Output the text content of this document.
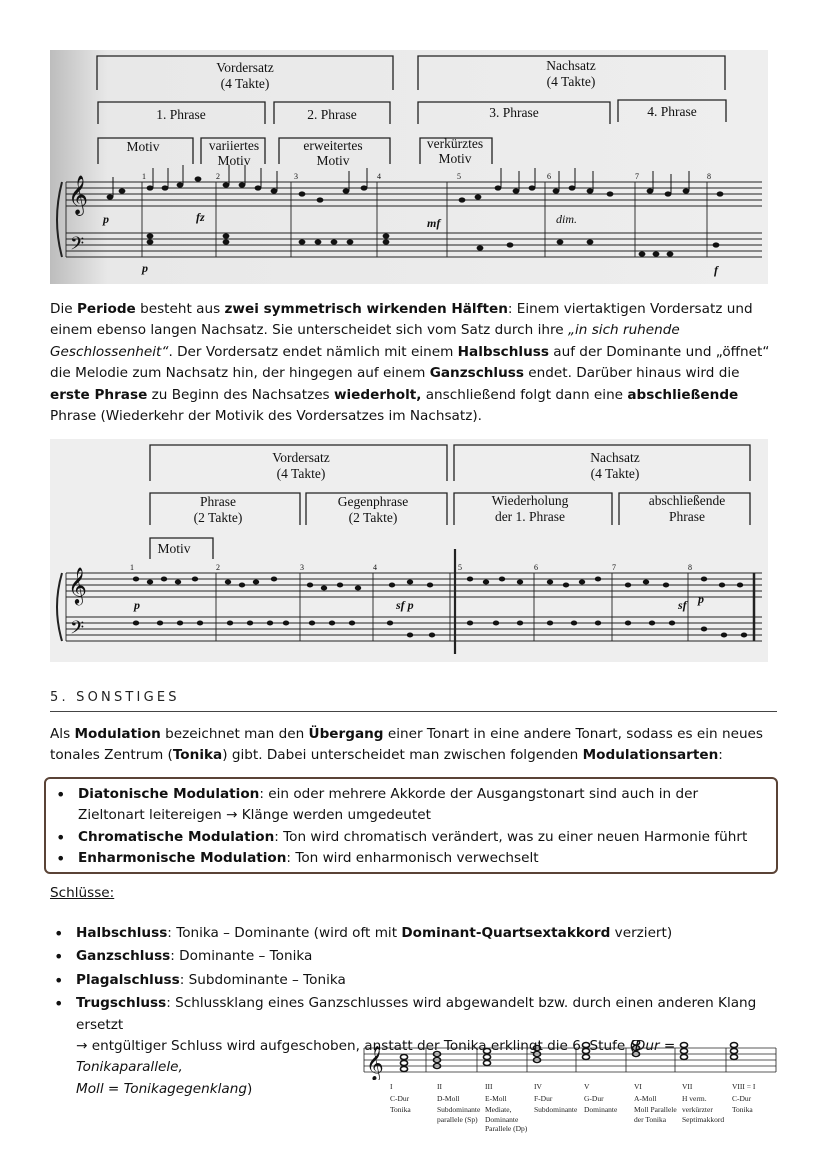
Vordersatz
(4 Takte)
Nachsatz
(4 Takte)
1. Phrase	2. Phrase	3. Phrase	4. Phrase
Motiv	variiertes
Motiv
erweitertes
Motiv
verkürztes
Motiv
𝄞
𝄢
1	2	3	4	5	6	7	8
p	fz	mf	dim.
p	f
Die Periode besteht aus zwei symmetrisch wirkenden Hälften: Einem viertaktigen Vordersatz und einem ebenso langen Nachsatz. Sie unterscheidet sich vom Satz durch ihre „in sich ruhende Geschlossenheit“. Der Vordersatz endet nämlich mit einem Halbschluss auf der Dominante und „öffnet“ die Melodie zum Nachsatz hin, der hingegen auf einem Ganzschluss endet. Darüber hinaus wird die erste Phrase zu Beginn des Nachsatzes wiederholt, anschließend folgt dann eine abschließende Phrase (Wiederkehr der Motivik des Vordersatzes im Nachsatz).
Vordersatz
(4 Takte)
Nachsatz
(4 Takte)
Phrase
(2 Takte)
Gegenphrase
(2 Takte)
Wiederholung
der 1. Phrase
abschließende
Phrase
Motiv
𝄞
𝄢
1	2	3	4	5	6	7	8
p	sf p	sf p
5. SONSTIGES
Als Modulation bezeichnet man den Übergang einer Tonart in eine andere Tonart, sodass es ein neues tonales Zentrum (Tonika) gibt. Dabei unterscheidet man zwischen folgenden Modulationsarten:
• Diatonische Modulation: ein oder mehrere Akkorde der Ausgangstonart sind auch in der Zieltonart leitereigen → Klänge werden umgedeutet
• Chromatische Modulation: Ton wird chromatisch verändert, was zu einer neuen Harmonie führt
• Enharmonische Modulation: Ton wird enharmonisch verwechselt
Schlüsse:
• Halbschluss: Tonika – Dominante (wird oft mit Dominant-Quartsextakkord verziert)
• Ganzschluss: Dominante – Tonika
• Plagalschluss: Subdominante – Tonika
• Trugschluss: Schlussklang eines Ganzschlusses wird abgewandelt bzw. durch einen anderen Klang ersetzt
→ entgültiger Schluss wird aufgeschoben, anstatt der Tonika erklingt die 6. Stufe (Dur = Tonikaparallele,
Moll = Tonikagegenklang)
𝄞
I
C-Dur
Tonika
II
D-Moll
Subdominante parallele (Sp)
III
E-Moll
Mediate, Dominante Parallele (Dp)
IV
F-Dur
Subdominante
V
G-Dur
Dominante
VI
A-Moll
Moll Parallele der Tonika
VII
H verm.
verkürzter Septimakkord
VIII = I
C-Dur
Tonika
